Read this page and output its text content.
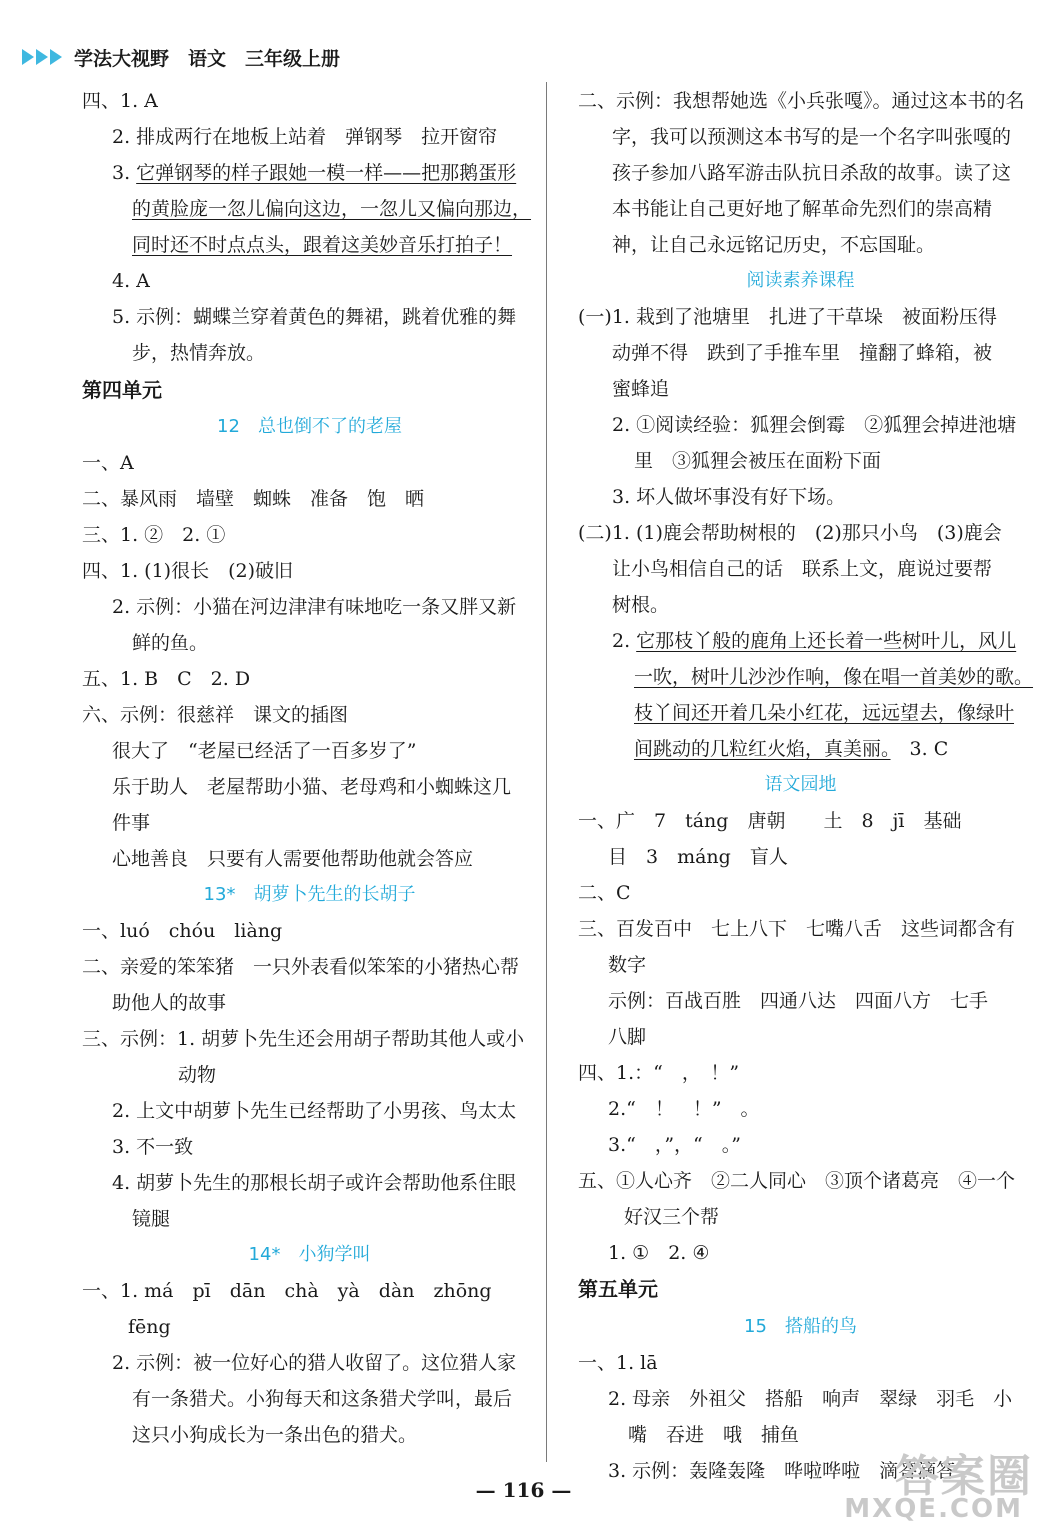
学法大视野　语文　三年级上册
四、1. A
2. 排成两行在地板上站着　弹钢琴　拉开窗帘
3. 它弹钢琴的样子跟她一模一样——把那鹅蛋形
的黄脸庞一忽儿偏向这边，一忽儿又偏向那边，
同时还不时点点头，跟着这美妙音乐打拍子！
4. A
5. 示例：蝴蝶兰穿着黄色的舞裙，跳着优雅的舞
步，热情奔放。
第四单元
12　总也倒不了的老屋
一、A
二、暴风雨　墙壁　蜘蛛　准备　饱　晒
三、1. ②　2. ①
四、1. (1)很长　(2)破旧
2. 示例：小猫在河边津津有味地吃一条又胖又新
鲜的鱼。
五、1. B　C　2. D
六、示例：很慈祥　课文的插图
很大了　“老屋已经活了一百多岁了”
乐于助人　老屋帮助小猫、老母鸡和小蜘蛛这几
件事
心地善良　只要有人需要他帮助他就会答应
13*　胡萝卜先生的长胡子
一、luó　chóu　liàng
二、亲爱的笨笨猪　一只外表看似笨笨的小猪热心帮
助他人的故事
三、示例：1. 胡萝卜先生还会用胡子帮助其他人或小
动物
2. 上文中胡萝卜先生已经帮助了小男孩、鸟太太
3. 不一致
4. 胡萝卜先生的那根长胡子或许会帮助他系住眼
镜腿
14*　小狗学叫
一、1. má　pī　dān　chà　yà　dàn　zhōng
fēng
2. 示例：被一位好心的猎人收留了。这位猎人家
有一条猎犬。小狗每天和这条猎犬学叫，最后
这只小狗成长为一条出色的猎犬。
二、示例：我想帮她选《小兵张嘎》。通过这本书的名
字，我可以预测这本书写的是一个名字叫张嘎的
孩子参加八路军游击队抗日杀敌的故事。读了这
本书能让自己更好地了解革命先烈们的崇高精
神，让自己永远铭记历史，不忘国耻。
阅读素养课程
(一)1. 栽到了池塘里　扎进了干草垛　被面粉压得
动弹不得　跌到了手推车里　撞翻了蜂箱，被
蜜蜂追
2. ①阅读经验：狐狸会倒霉　②狐狸会掉进池塘
里　③狐狸会被压在面粉下面
3. 坏人做坏事没有好下场。
(二)1. (1)鹿会帮助树根的　(2)那只小鸟　(3)鹿会
让小鸟相信自己的话　联系上文，鹿说过要帮
树根。
2. 它那枝丫般的鹿角上还长着一些树叶儿，风儿
一吹，树叶儿沙沙作响，像在唱一首美妙的歌。
枝丫间还开着几朵小红花，远远望去，像绿叶
间跳动的几粒红火焰，真美丽。　 3. C
语文园地
一、广　7　táng　唐朝　　土　8　jī　基础
目　3　máng　盲人
二、C
三、百发百中　七上八下　七嘴八舌　这些词都含有
数字
示例：百战百胜　四通八达　四面八方　七手
八脚
四、1.：“　，　！”
2.“　！　！”　。
3.“　，”，“　。”
五、①人心齐　②二人同心　③顶个诸葛亮　④一个
好汉三个帮
1. ①　2. ④
第五单元
15　搭船的鸟
一、1. lā
2. 母亲　外祖父　搭船　响声　翠绿　羽毛　小
嘴　吞进　哦　捕鱼
3. 示例：轰隆轰隆　哗啦哗啦　滴答滴答
— 116 —	答案圈
MXQE.COM
